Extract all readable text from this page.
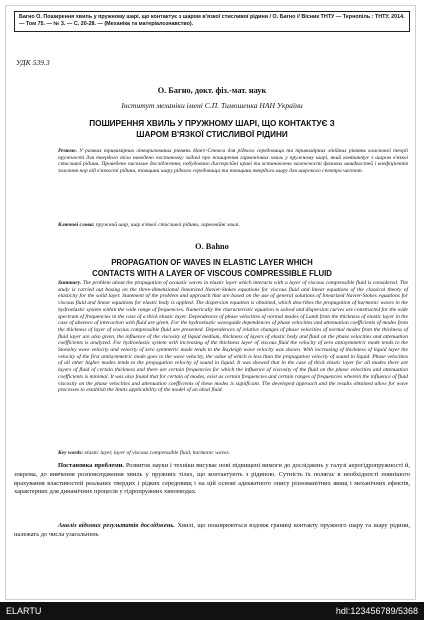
Багно О. Поширення хвиль у пружному шарі, що контактує з шаром в'язкої стисливої рідини / О. Багно // Вісник ТНТУ — Тернопіль : ТНТУ, 2014. — Том 75. — № 3. — С. 20-28. — (Механіка та матеріалознавство).
УДК 539.3
О. Багно, докт. фіз.-мат. наук
Інститут механіки імені С.П. Тимошенка НАН України
ПОШИРЕННЯ ХВИЛЬ У ПРУЖНОМУ ШАРІ, ЩО КОНТАКТУЄ З
ШАРОМ В'ЯЗКОЇ СТИСЛИВОЇ РІДИНИ
Резюме. У рамках тривимірних лінеаризованих рівнянь Нав'є-Стокса для рідкого середовища та тривимірних лінійних рівнянь класичної теорії пружності для твердого тіла наведено постановку задачі про поширення гармонічних хвиль у пружному шарі, який контактує з шаром в'язкої стисливої рідини. Проведено чисельне дослідження, побудовано дисперсійні криві та встановлено залежності фазових швидкостей і коефіцієнтів згасання нор від в'язкості рідини, товщини шару рідкого середовища та товщини твердого шару для широкого спектра частот.
Ключові слова: пружний шар, шар в'язкої стисливої рідини, гармонійні хвилі.
O. Bahno
PROPAGATION OF WAVES IN ELASTIC LAYER WHICH
CONTACTS WITH A LAYER OF VISCOUS COMPRESSIBLE FLUID
Summary. The problem about the propagation of acoustic waves in elastic layer which interacts with a layer of viscous compressible fluid is considered. The study is carried out basing on the three-dimensional linearized Navier-Stokes equations for viscous fluid and linear equations of the classical theory of elasticity for the solid layer. Statement of the problem and approach that are based on the use of general solutions of linearized Navier-Stokes equations for viscous fluid and linear equations for elastic body is applied. The dispersion equation is obtained, which describes the propagation of harmonic waves in the hydroelastic system within the wide range of frequencies. Numerically the characteristic equation is solved and dispersion curves are constructed for the wide spectrum of frequencies in the case of a thick elastic layer. Dependences of phase velocities of normal modes of Lamb from the thickness of elastic layer in the case of absence of interaction with fluid are given. For the hydroelastic waveguide dependences of phase velocities and attenuation coefficients of modes from the thickness of layer of viscous compressible fluid are presented. Dependences of relative changes of phase velocities of normal modes from the thickness of fluid layer are also given, the influence of the viscosity of liquid medium, thickness of layers of elastic body and fluid on the phase velocities and attenuation coefficients is analyzed. For hydroelastic system with increasing of the thickness layer of viscous fluid the velocity of zero antisymmetric mode tends to the Stoneley wave velocity and velocity of zero symmetric mode tends to the Rayleigh wave velocity was shown. With increasing of thickness of liquid layer the velocity of the first antisymmetric mode goes to the wave velocity, the value of which is less than the propagation velocity of sound in liquid. Phase velocities of all other higher modes tends to the propagation velocity of sound in liquid. It was showed that in the case of thick elastic layer for all modes there are layers of fluid of certain thickness and there are certain frequencies for which the influence of viscosity of the fluid on the phase velocities and attenuation coefficients is minimal. It was also found that for certain of modes, exist as certain frequencies and certain ranges of frequencies wherein the influence of fluid viscosity on the phase velocities and attenuation coefficients of these modes is significant. The developed approach and the results obtained allow for wave processes to establish the limits applicability of the model of an ideal fluid.
Key words: elastic layer, layer of viscous compressible fluid, harmonic waves.
Постановка проблеми. Розвиток науки і техніки висуває нові підвищені вимоги до досліджень у галузі аерогідропружності й, зокрема, до вивчення розповсюдження хвиль у пружних тілах, що контактують з рідиною. Сутність їх полягає в необхідності повнішого врахування властивостей реальних твердих і рідких середовищ і на цій основі адекватного опису різноманітних явищ і механічних ефектів, характерних для динамічних процесів у гідропружних хвилеводах.
Аналіз відомих результатів досліджень. Хвилі, що поширюються вздовж границі контакту пружного шару та шару рідини, належать до числа узагальнень
ELARTU	hdl:123456789/5368
